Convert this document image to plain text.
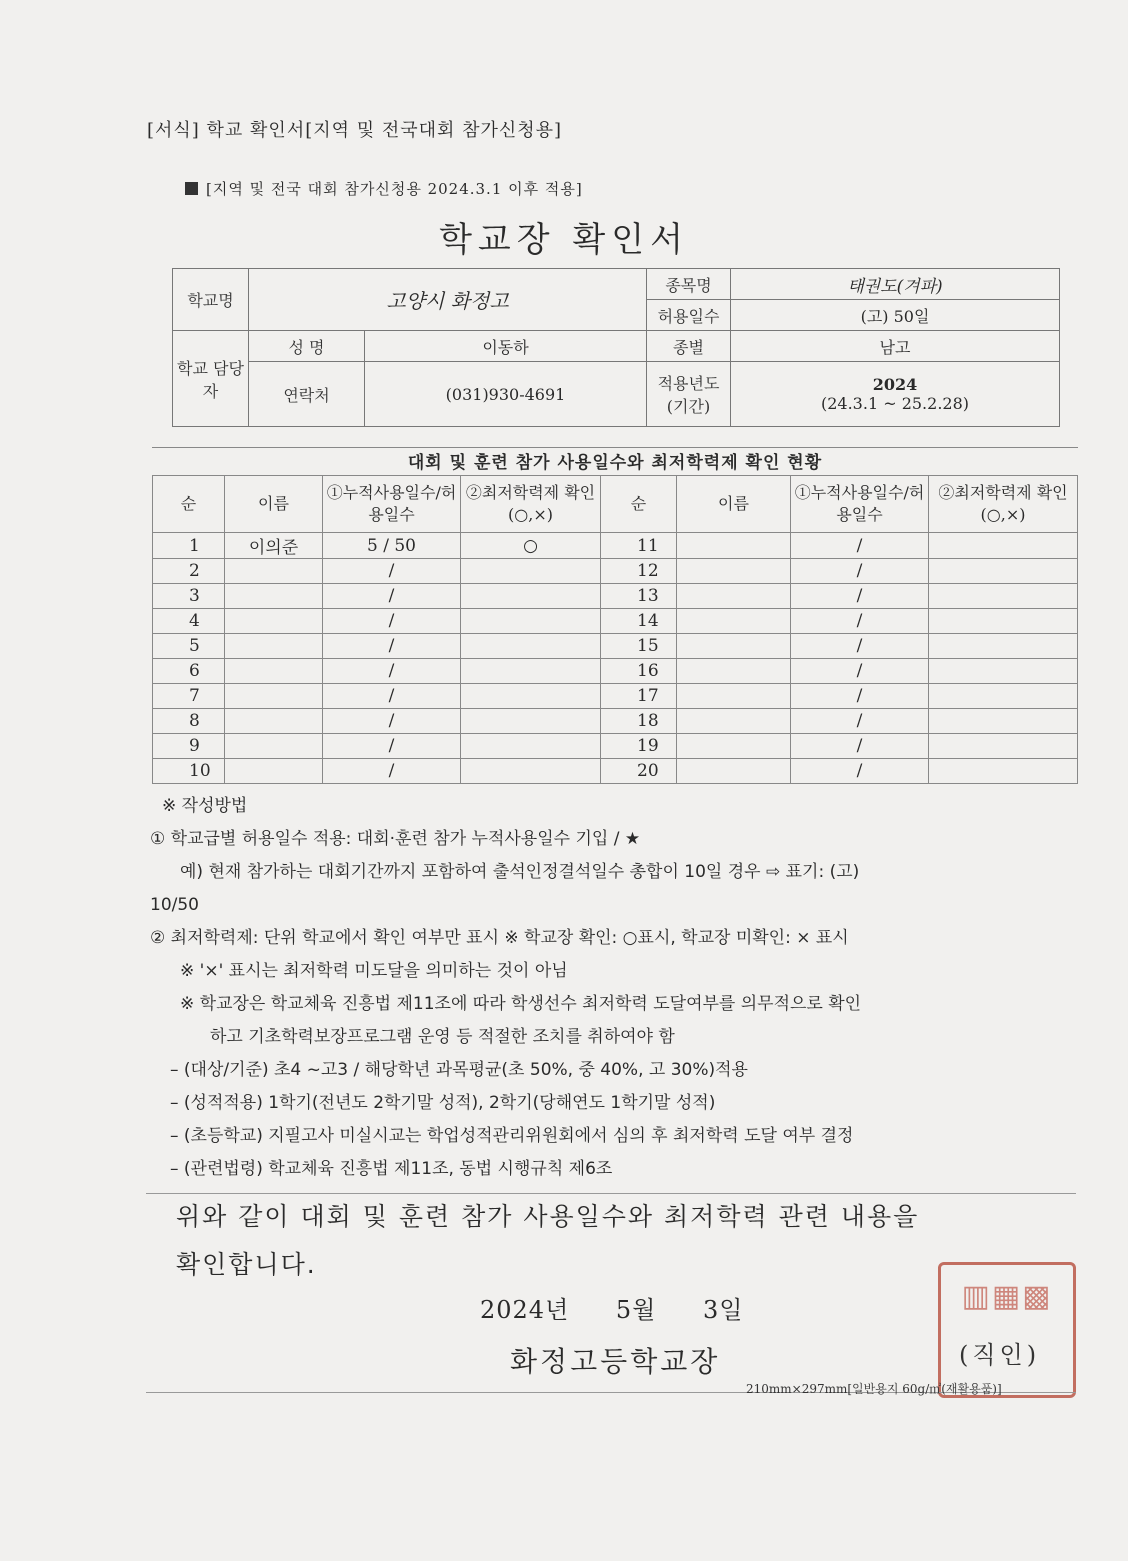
[서식] 학교 확인서[지역 및 전국대회 참가신청용]
[지역 및 전국 대회 참가신청용 2024.3.1 이후 적용]
학교장 확인서
학교명	고양시 화정고		종목명	태권도(겨파)
			허용일수	(고) 50일
학교 담당자	성 명	이동하	종별	남고
	연락처	(031)930-4691	적용년도 (기간)	2024
(24.3.1 ~ 25.2.28)
대회 및 훈련 참가 사용일수와 최저학력제 확인 현황
순	이름	①누적사용일수/허용일수	②최저학력제 확인(○,×)	순	이름	①누적사용일수/허용일수	②최저학력제 확인(○,×)
1	이의준	5 / 50	○	11		/	
2		/		12		/	
3		/		13		/	
4		/		14		/	
5		/		15		/	
6		/		16		/	
7		/		17		/	
8		/		18		/	
9		/		19		/	
10		/		20		/	
※ 작성방법
① 학교급별 허용일수 적용: 대회·훈련 참가 누적사용일수 기입 / ★
예) 현재 참가하는 대회기간까지 포함하여 출석인정결석일수 총합이 10일 경우 ⇨ 표기: (고)
10/50
② 최저학력제: 단위 학교에서 확인 여부만 표시 ※ 학교장 확인: ○표시, 학교장 미확인: × 표시
※ '×' 표시는 최저학력 미도달을 의미하는 것이 아님
※ 학교장은 학교체육 진흥법 제11조에 따라 학생선수 최저학력 도달여부를 의무적으로 확인
하고 기초학력보장프로그램 운영 등 적절한 조치를 취하여야 함
– (대상/기준) 초4 ~고3 / 해당학년 과목평균(초 50%, 중 40%, 고 30%)적용
– (성적적용) 1학기(전년도 2학기말 성적), 2학기(당해연도 1학기말 성적)
– (초등학교) 지필고사 미실시교는 학업성적관리위원회에서 심의 후 최저학력 도달 여부 결정
– (관련법령) 학교체육 진흥법 제11조, 동법 시행규칙 제6조
위와 같이 대회 및 훈련 참가 사용일수와 최저학력 관련 내용을
확인합니다.
2024년 5월 3일
화정고등학교장
▥▦▩
(직인)
210mm×297mm[일반용지 60g/㎡(재활용품)]
